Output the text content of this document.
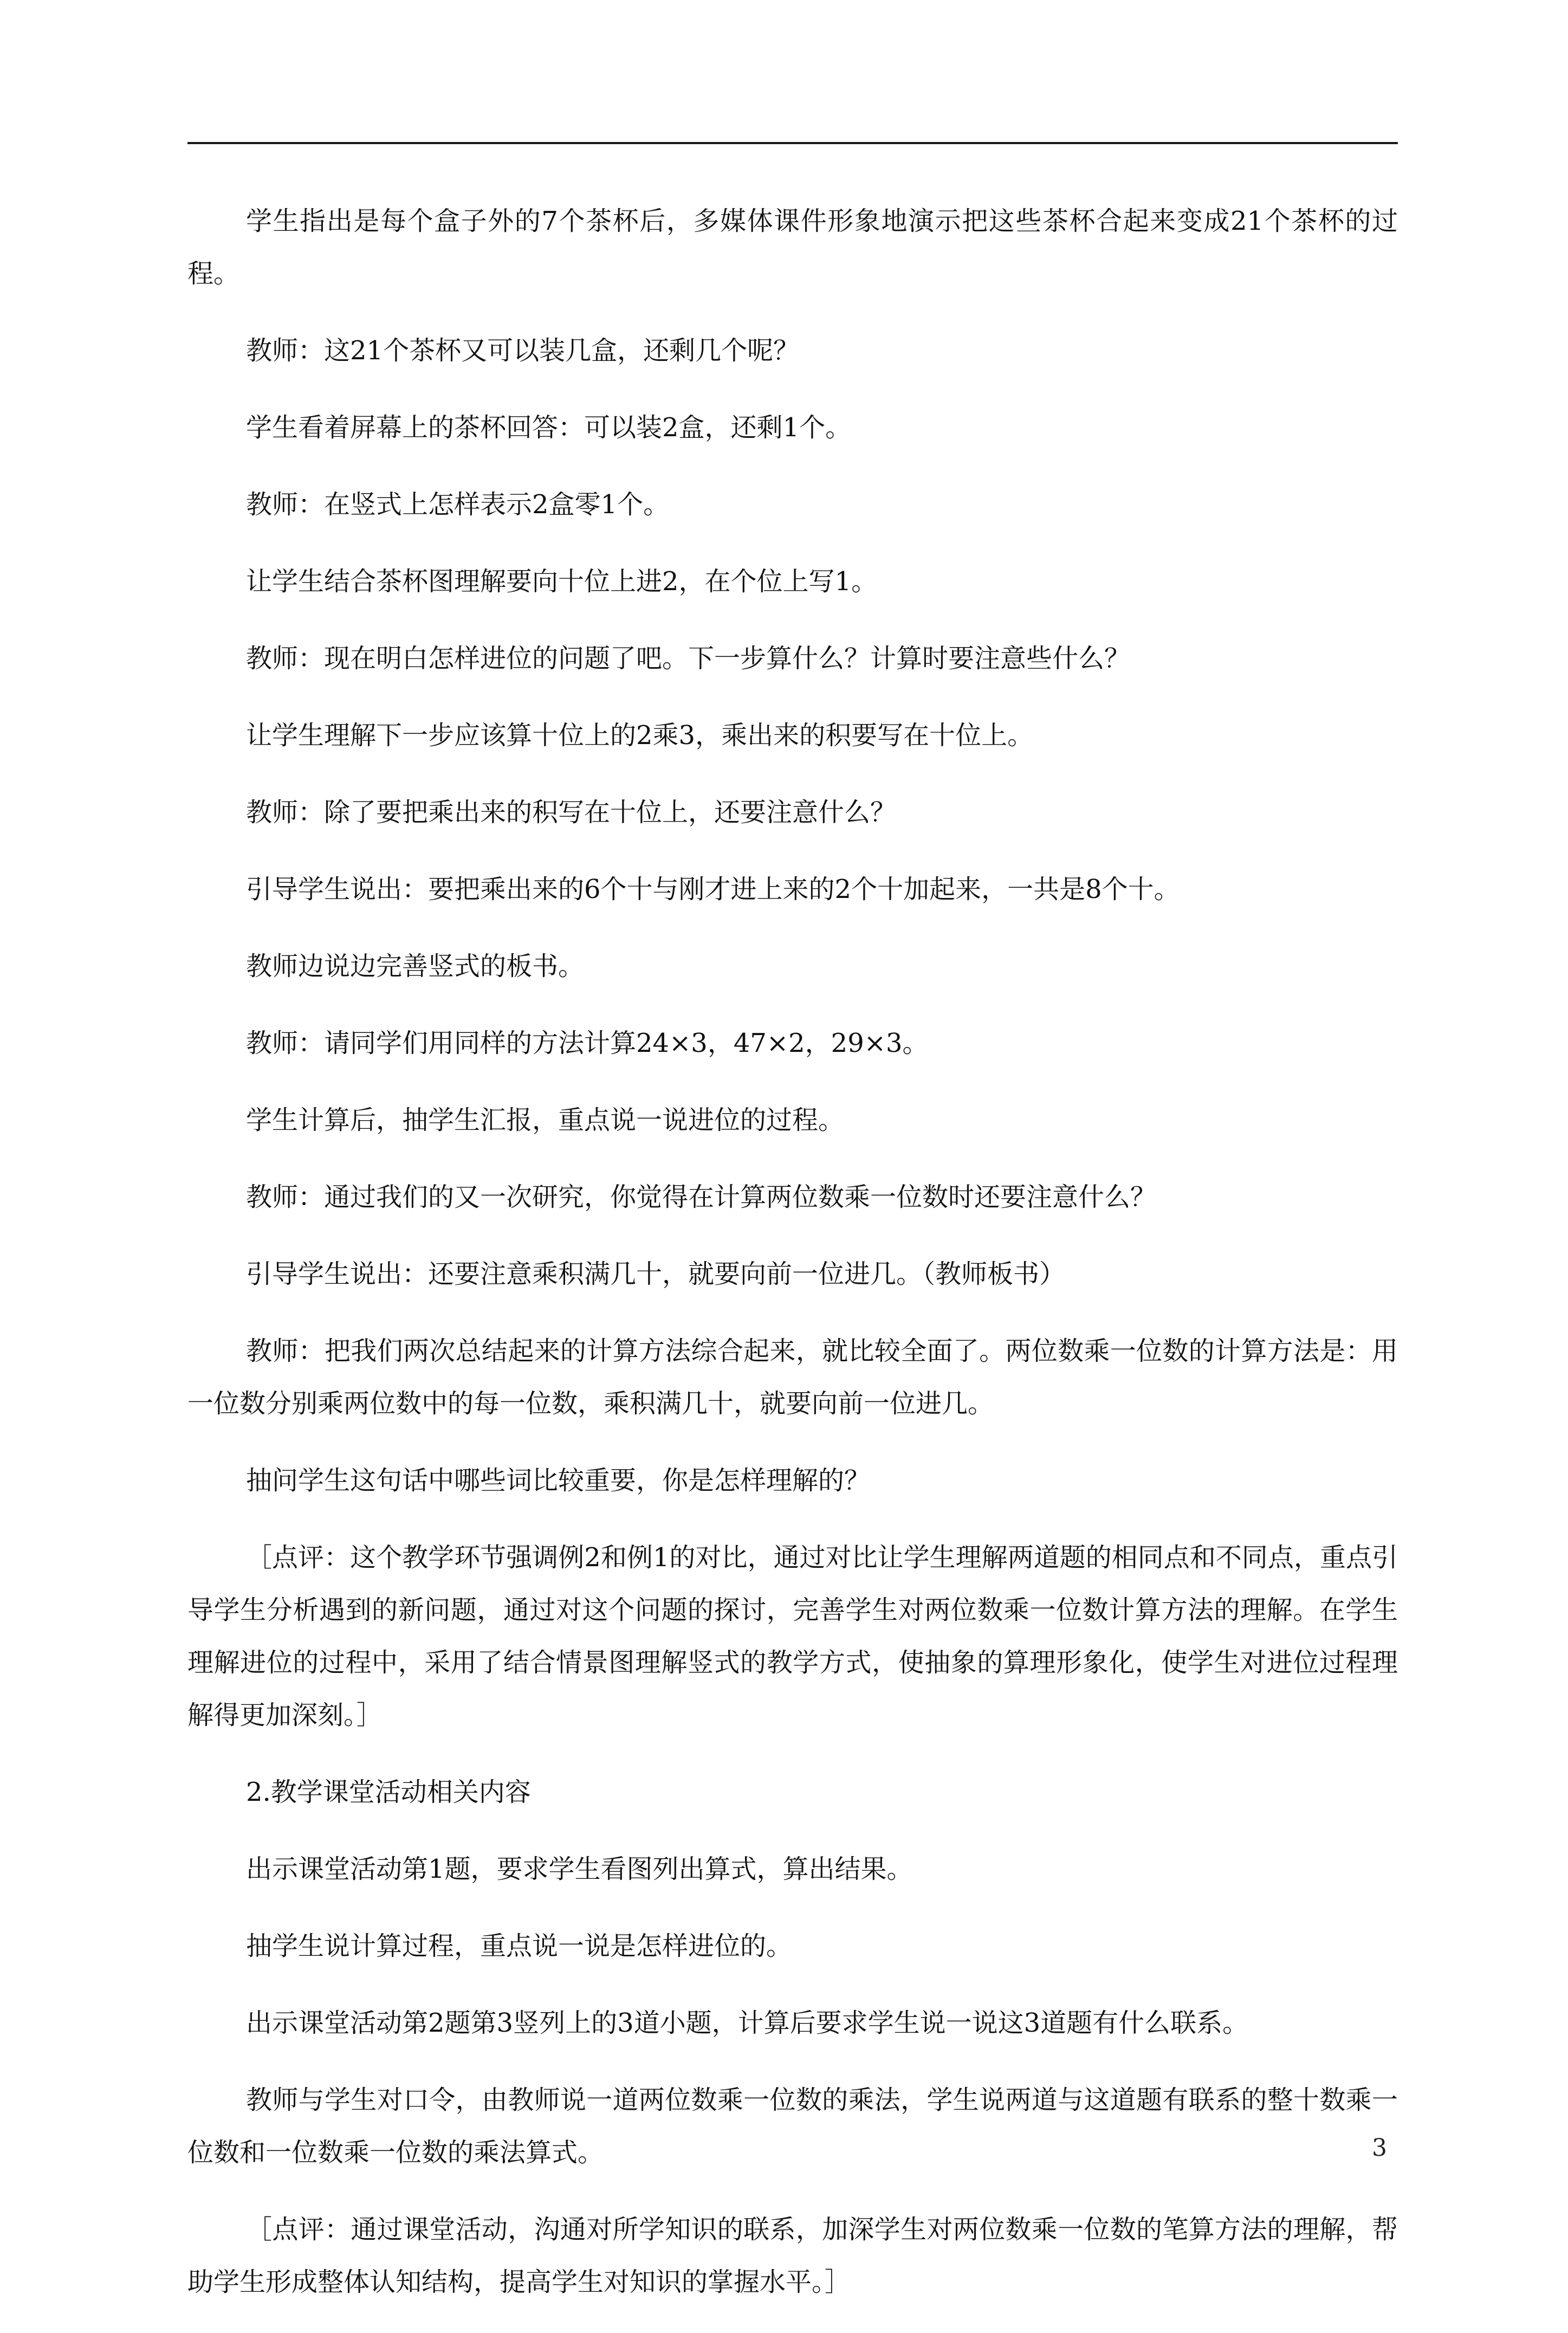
学生指出是每个盒子外的7个茶杯后，多媒体课件形象地演示把这些茶杯合起来变成21个茶杯的过程。

教师：这21个茶杯又可以装几盒，还剩几个呢？

学生看着屏幕上的茶杯回答：可以装2盒，还剩1个。

教师：在竖式上怎样表示2盒零1个。

让学生结合茶杯图理解要向十位上进2，在个位上写1。

教师：现在明白怎样进位的问题了吧。下一步算什么？计算时要注意些什么？

让学生理解下一步应该算十位上的2乘3，乘出来的积要写在十位上。

教师：除了要把乘出来的积写在十位上，还要注意什么？

引导学生说出：要把乘出来的6个十与刚才进上来的2个十加起来，一共是8个十。

教师边说边完善竖式的板书。

教师：请同学们用同样的方法计算24×3，47×2，29×3。

学生计算后，抽学生汇报，重点说一说进位的过程。

教师：通过我们的又一次研究，你觉得在计算两位数乘一位数时还要注意什么？

引导学生说出：还要注意乘积满几十，就要向前一位进几。（教师板书）

教师：把我们两次总结起来的计算方法综合起来，就比较全面了。两位数乘一位数的计算方法是：用一位数分别乘两位数中的每一位数，乘积满几十，就要向前一位进几。

抽问学生这句话中哪些词比较重要，你是怎样理解的？

［点评：这个教学环节强调例2和例1的对比，通过对比让学生理解两道题的相同点和不同点，重点引导学生分析遇到的新问题，通过对这个问题的探讨，完善学生对两位数乘一位数计算方法的理解。在学生理解进位的过程中，采用了结合情景图理解竖式的教学方式，使抽象的算理形象化，使学生对进位过程理解得更加深刻。］

2.教学课堂活动相关内容

出示课堂活动第1题，要求学生看图列出算式，算出结果。

抽学生说计算过程，重点说一说是怎样进位的。

出示课堂活动第2题第3竖列上的3道小题，计算后要求学生说一说这3道题有什么联系。

教师与学生对口令，由教师说一道两位数乘一位数的乘法，学生说两道与这道题有联系的整十数乘一位数和一位数乘一位数的乘法算式。

［点评：通过课堂活动，沟通对所学知识的联系，加深学生对两位数乘一位数的笔算方法的理解，帮助学生形成整体认知结构，提高学生对知识的掌握水平。］

3
